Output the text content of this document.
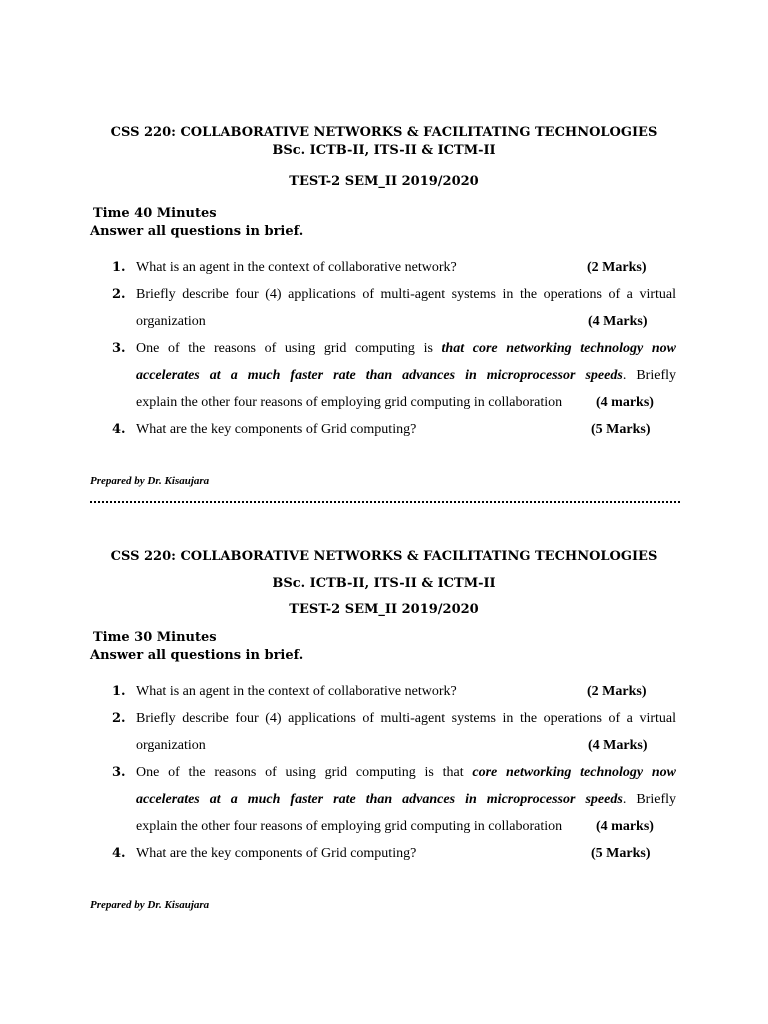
CSS 220: COLLABORATIVE NETWORKS & FACILITATING TECHNOLOGIES
BSc. ICTB-II, ITS-II & ICTM-II
TEST-2 SEM_II 2019/2020
Time 40 Minutes
Answer all questions in brief.
1. What is an agent in the context of collaborative network?	(2 Marks)
2. Briefly describe four (4) applications of multi-agent systems in the operations of a virtual
organization	(4 Marks)
3. One of the reasons of using grid computing is that core networking technology now
accelerates at a much faster rate than advances in microprocessor speeds. Briefly
explain the other four reasons of employing grid computing in collaboration	(4 marks)
4. What are the key components of Grid computing?	(5 Marks)
Prepared by Dr. Kisaujara
CSS 220: COLLABORATIVE NETWORKS & FACILITATING TECHNOLOGIES
BSc. ICTB-II, ITS-II & ICTM-II
TEST-2 SEM_II 2019/2020
Time 30 Minutes
Answer all questions in brief.
1. What is an agent in the context of collaborative network?	(2 Marks)
2. Briefly describe four (4) applications of multi-agent systems in the operations of a virtual
organization	(4 Marks)
3. One of the reasons of using grid computing is that core networking technology now
accelerates at a much faster rate than advances in microprocessor speeds. Briefly
explain the other four reasons of employing grid computing in collaboration	(4 marks)
4. What are the key components of Grid computing?	(5 Marks)
Prepared by Dr. Kisaujara
